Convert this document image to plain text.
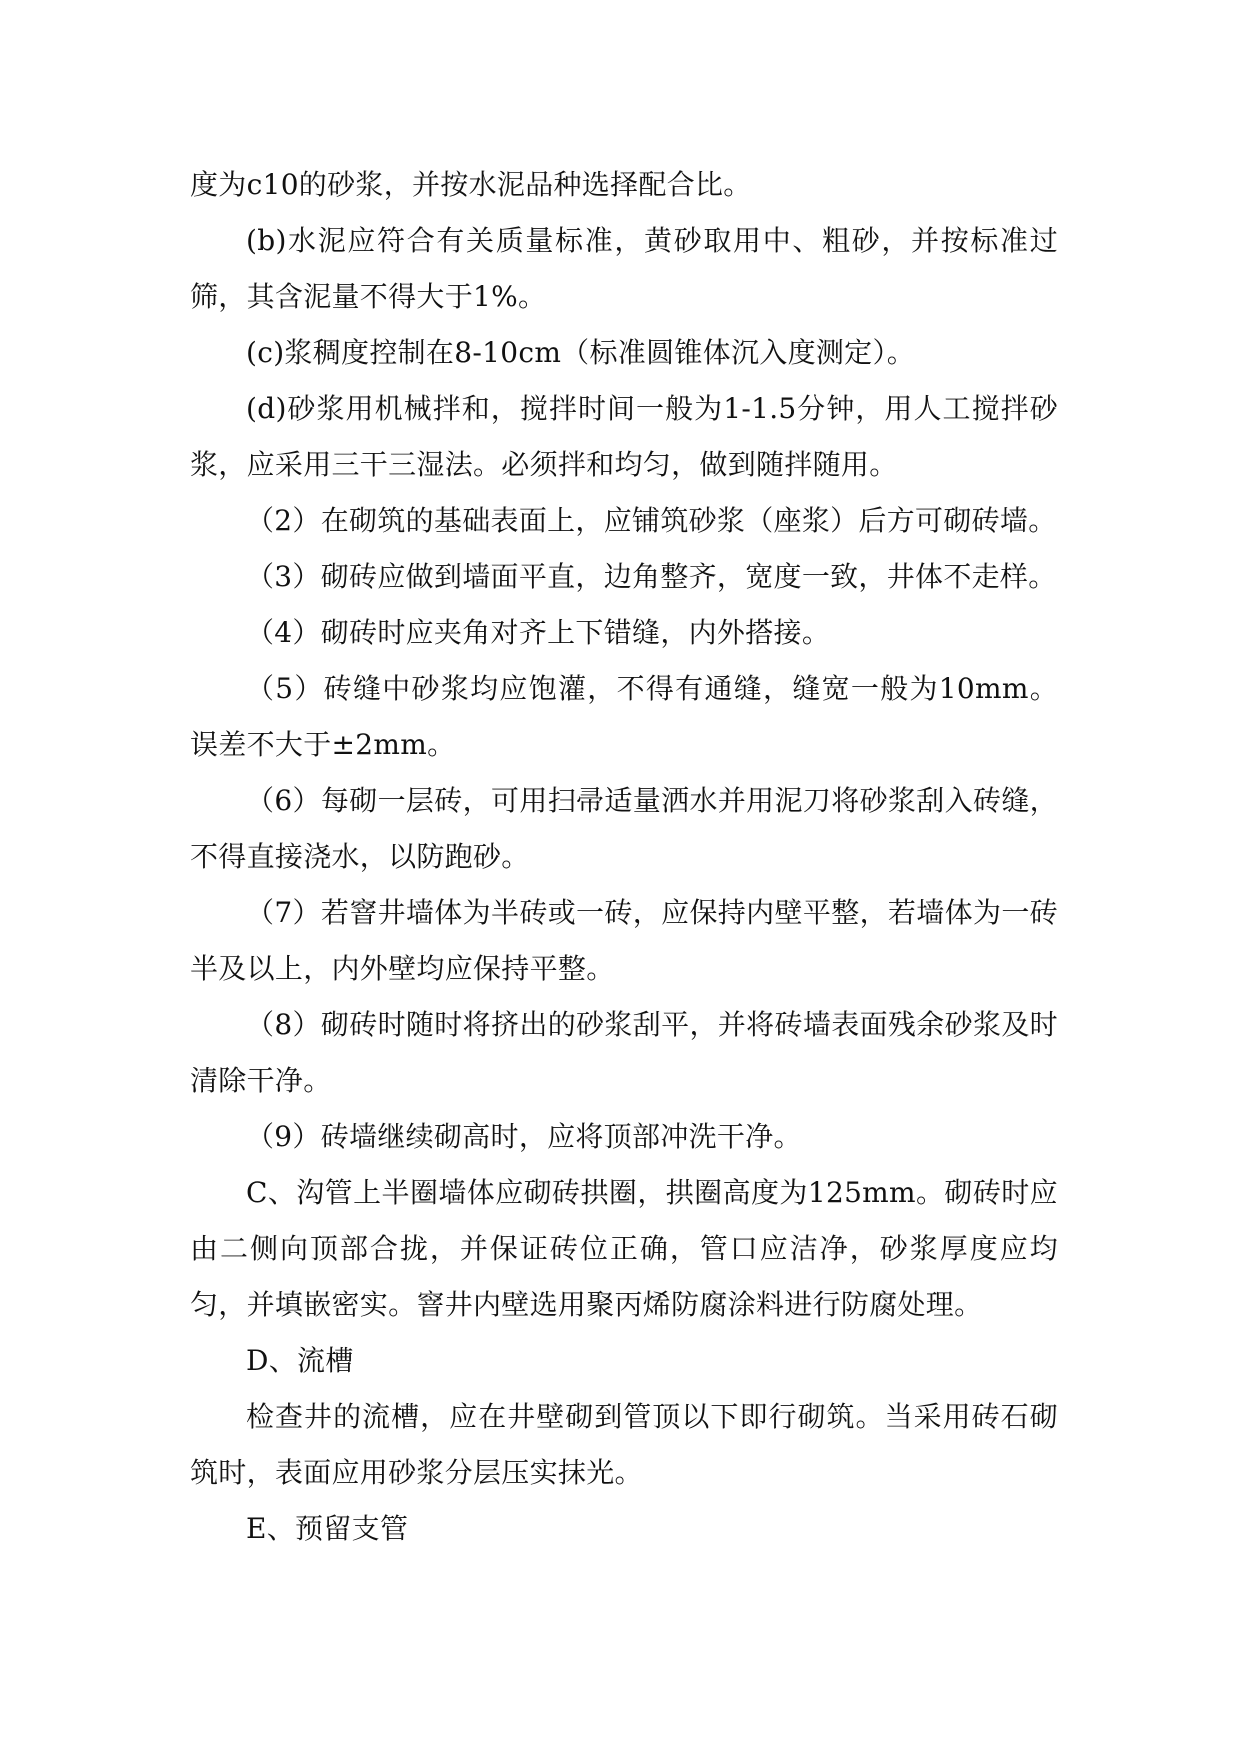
度为c10的砂浆，并按水泥品种选择配合比。

(b)水泥应符合有关质量标准，黄砂取用中、粗砂，并按标准过筛，其含泥量不得大于1%。

(c)浆稠度控制在8-10cm（标准圆锥体沉入度测定）。

(d)砂浆用机械拌和，搅拌时间一般为1-1.5分钟，用人工搅拌砂浆，应采用三干三湿法。必须拌和均匀，做到随拌随用。

（2）在砌筑的基础表面上，应铺筑砂浆（座浆）后方可砌砖墙。

（3）砌砖应做到墙面平直，边角整齐，宽度一致，井体不走样。

（4）砌砖时应夹角对齐上下错缝，内外搭接。

（5）砖缝中砂浆均应饱灌，不得有通缝，缝宽一般为10mm。误差不大于±2mm。

（6）每砌一层砖，可用扫帚适量洒水并用泥刀将砂浆刮入砖缝，不得直接浇水，以防跑砂。

（7）若窨井墙体为半砖或一砖，应保持内壁平整，若墙体为一砖半及以上，内外壁均应保持平整。

（8）砌砖时随时将挤出的砂浆刮平，并将砖墙表面残余砂浆及时清除干净。

（9）砖墙继续砌高时，应将顶部冲洗干净。

C、沟管上半圈墙体应砌砖拱圈，拱圈高度为125mm。砌砖时应由二侧向顶部合拢，并保证砖位正确，管口应洁净，砂浆厚度应均匀，并填嵌密实。窨井内壁选用聚丙烯防腐涂料进行防腐处理。

D、流槽

检查井的流槽，应在井壁砌到管顶以下即行砌筑。当采用砖石砌筑时，表面应用砂浆分层压实抹光。

E、预留支管
